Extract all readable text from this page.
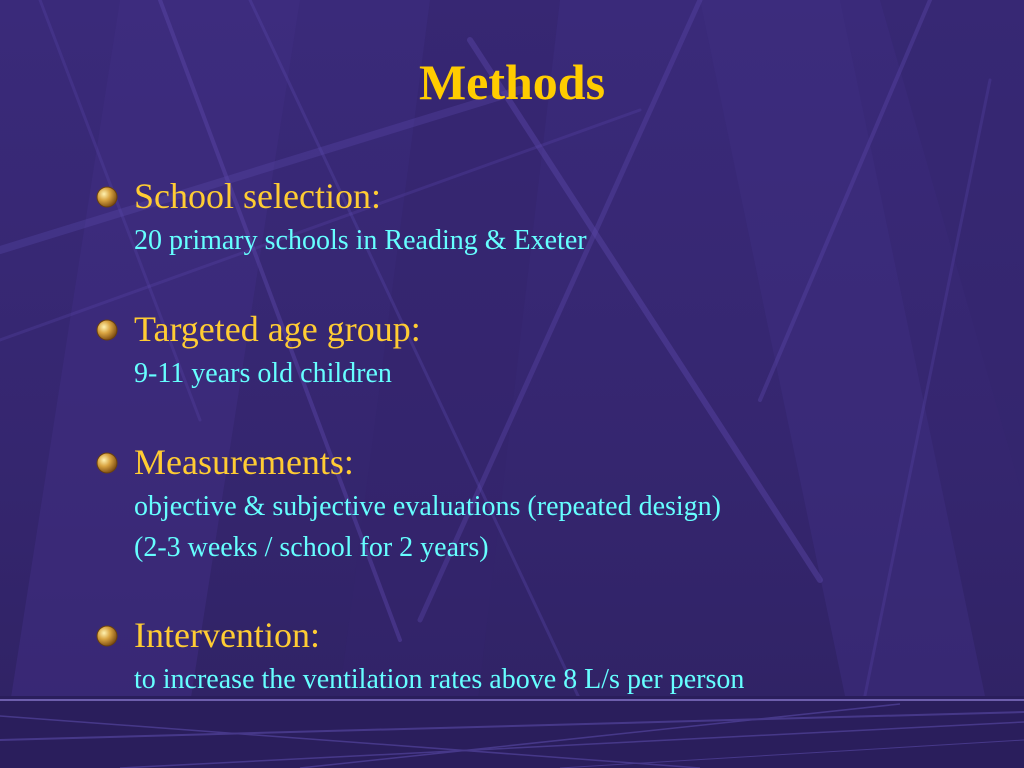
Methods

School selection:

20 primary schools in Reading & Exeter

Targeted age group:

9-11 years old children

Measurements:

objective & subjective evaluations (repeated design)

(2-3 weeks / school for 2 years)

Intervention:

to increase the ventilation rates above 8 L/s per person
